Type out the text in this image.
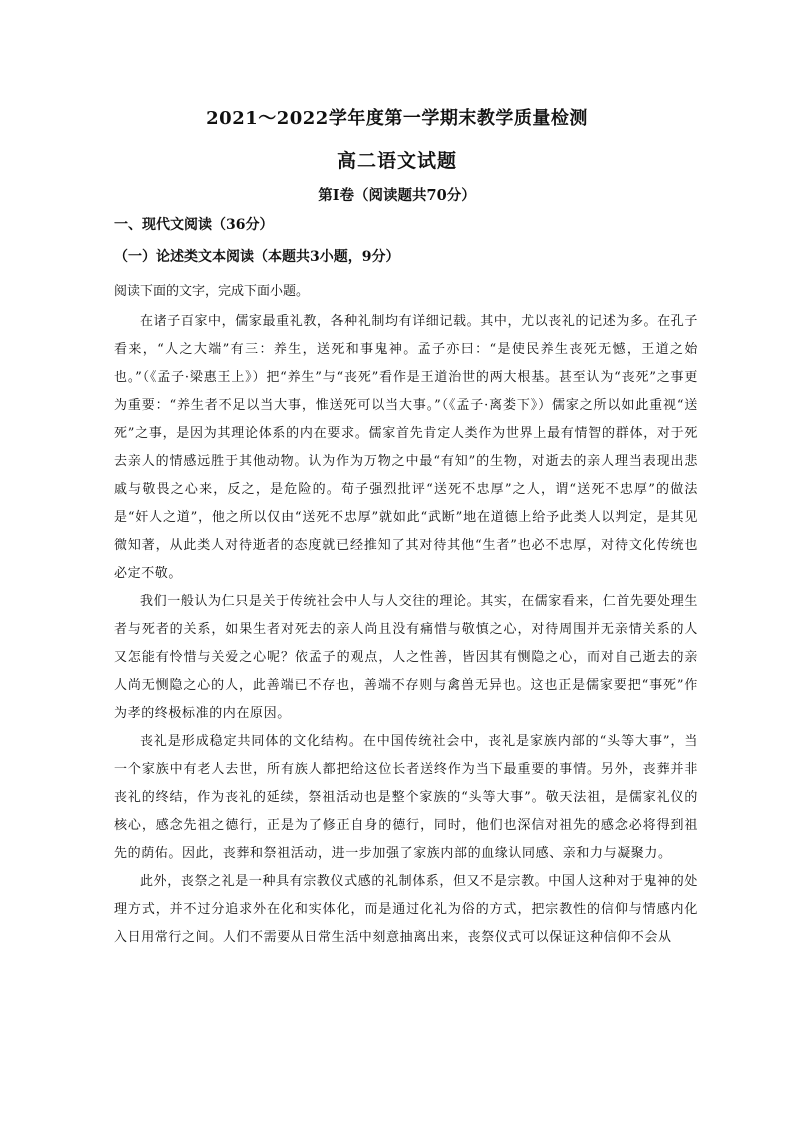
2021～2022学年度第一学期末教学质量检测
高二语文试题
第Ⅰ卷（阅读题共70分）
一、现代文阅读（36分）
（一）论述类文本阅读（本题共3小题，9分）
阅读下面的文字，完成下面小题。

在诸子百家中，儒家最重礼教，各种礼制均有详细记载。其中，尤以丧礼的记述为多。在孔子看来，“人之大端”有三：养生，送死和事鬼神。孟子亦曰：“是使民养生丧死无憾，王道之始也。”（《孟子·梁惠王上》）把“养生”与“丧死”看作是王道治世的两大根基。甚至认为“丧死”之事更为重要：“养生者不足以当大事，惟送死可以当大事。”（《孟子·离娄下》）儒家之所以如此重视“送死”之事，是因为其理论体系的内在要求。儒家首先肯定人类作为世界上最有情智的群体，对于死去亲人的情感远胜于其他动物。认为作为万物之中最“有知”的生物，对逝去的亲人理当表现出悲戚与敬畏之心来，反之，是危险的。荀子强烈批评“送死不忠厚”之人，谓“送死不忠厚”的做法是“奸人之道”，他之所以仅由“送死不忠厚”就如此“武断”地在道德上给予此类人以判定，是其见微知著，从此类人对待逝者的态度就已经推知了其对待其他“生者”也必不忠厚，对待文化传统也必定不敬。

我们一般认为仁只是关于传统社会中人与人交往的理论。其实，在儒家看来，仁首先要处理生者与死者的关系，如果生者对死去的亲人尚且没有痛惜与敬慎之心，对待周围并无亲情关系的人又怎能有怜惜与关爱之心呢？依孟子的观点，人之性善，皆因其有恻隐之心，而对自己逝去的亲人尚无恻隐之心的人，此善端已不存也，善端不存则与禽兽无异也。这也正是儒家要把“事死”作为孝的终极标准的内在原因。

丧礼是形成稳定共同体的文化结构。在中国传统社会中，丧礼是家族内部的“头等大事”，当一个家族中有老人去世，所有族人都把给这位长者送终作为当下最重要的事情。另外，丧葬并非丧礼的终结，作为丧礼的延续，祭祖活动也是整个家族的“头等大事”。敬天法祖，是儒家礼仪的核心，感念先祖之德行，正是为了修正自身的德行，同时，他们也深信对祖先的感念必将得到祖先的荫佑。因此，丧葬和祭祖活动，进一步加强了家族内部的血缘认同感、亲和力与凝聚力。

此外，丧祭之礼是一种具有宗教仪式感的礼制体系，但又不是宗教。中国人这种对于鬼神的处理方式，并不过分追求外在化和实体化，而是通过化礼为俗的方式，把宗教性的信仰与情感内化入日用常行之间。人们不需要从日常生活中刻意抽离出来，丧祭仪式可以保证这种信仰不会从
